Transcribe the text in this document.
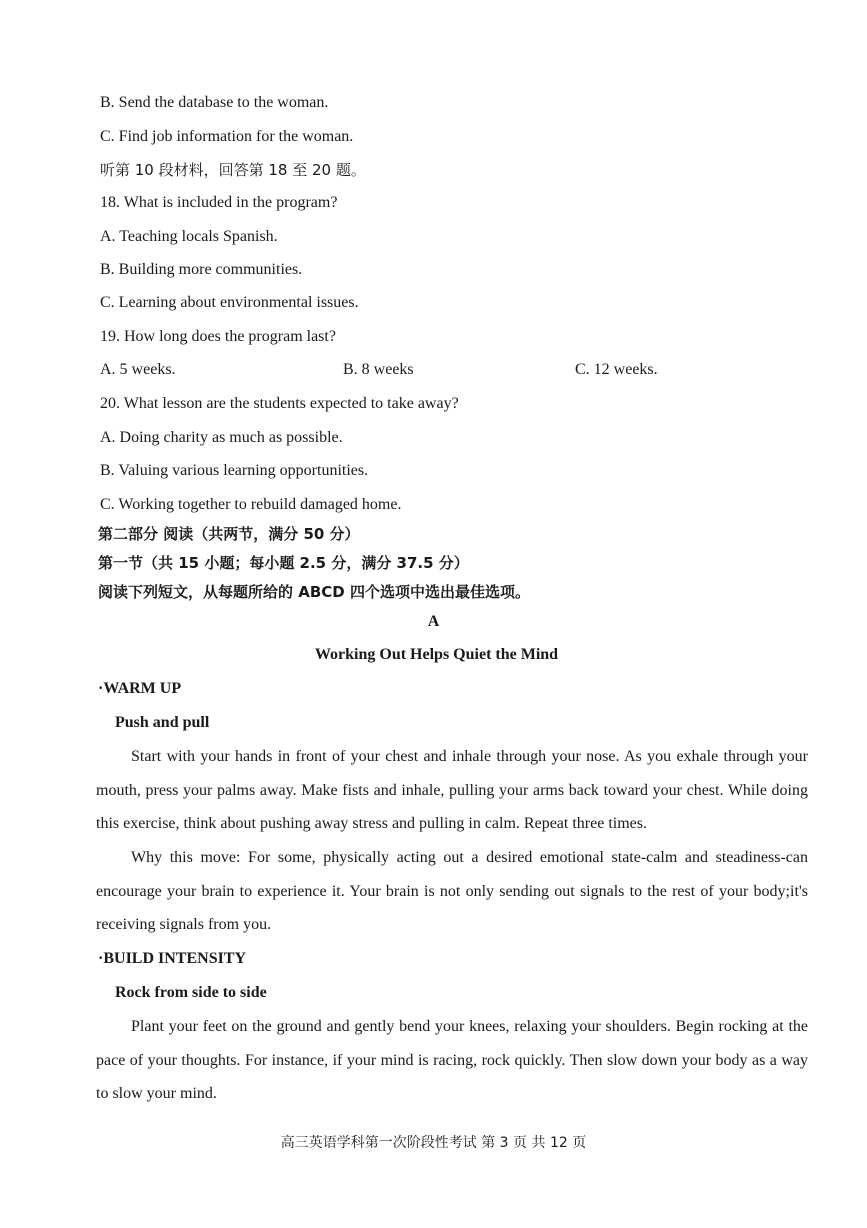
B. Send the database to the woman.
C. Find job information for the woman.
听第 10 段材料，回答第 18 至 20 题。
18. What is included in the program?
A. Teaching locals Spanish.
B. Building more communities.
C. Learning about environmental issues.
19. How long does the program last?
A. 5 weeks.	B. 8 weeks	C. 12 weeks.
20. What lesson are the students expected to take away?
A. Doing charity as much as possible.
B. Valuing various learning opportunities.
C. Working together to rebuild damaged home.
第二部分 阅读（共两节，满分 50 分）
第一节（共 15 小题；每小题 2.5 分，满分 37.5 分）
阅读下列短文，从每题所给的 ABCD 四个选项中选出最佳选项。
A
Working Out Helps Quiet the Mind
·WARM UP
Push and pull
Start with your hands in front of your chest and inhale through your nose. As you exhale through your mouth, press your palms away. Make fists and inhale, pulling your arms back toward your chest. While doing this exercise, think about pushing away stress and pulling in calm. Repeat three times.
Why this move: For some, physically acting out a desired emotional state-calm and steadiness-can encourage your brain to experience it. Your brain is not only sending out signals to the rest of your body;it's receiving signals from you.
·BUILD INTENSITY
Rock from side to side
Plant your feet on the ground and gently bend your knees, relaxing your shoulders. Begin rocking at the pace of your thoughts. For instance, if your mind is racing, rock quickly. Then slow down your body as a way to slow your mind.
高三英语学科第一次阶段性考试 第 3 页 共 12 页
